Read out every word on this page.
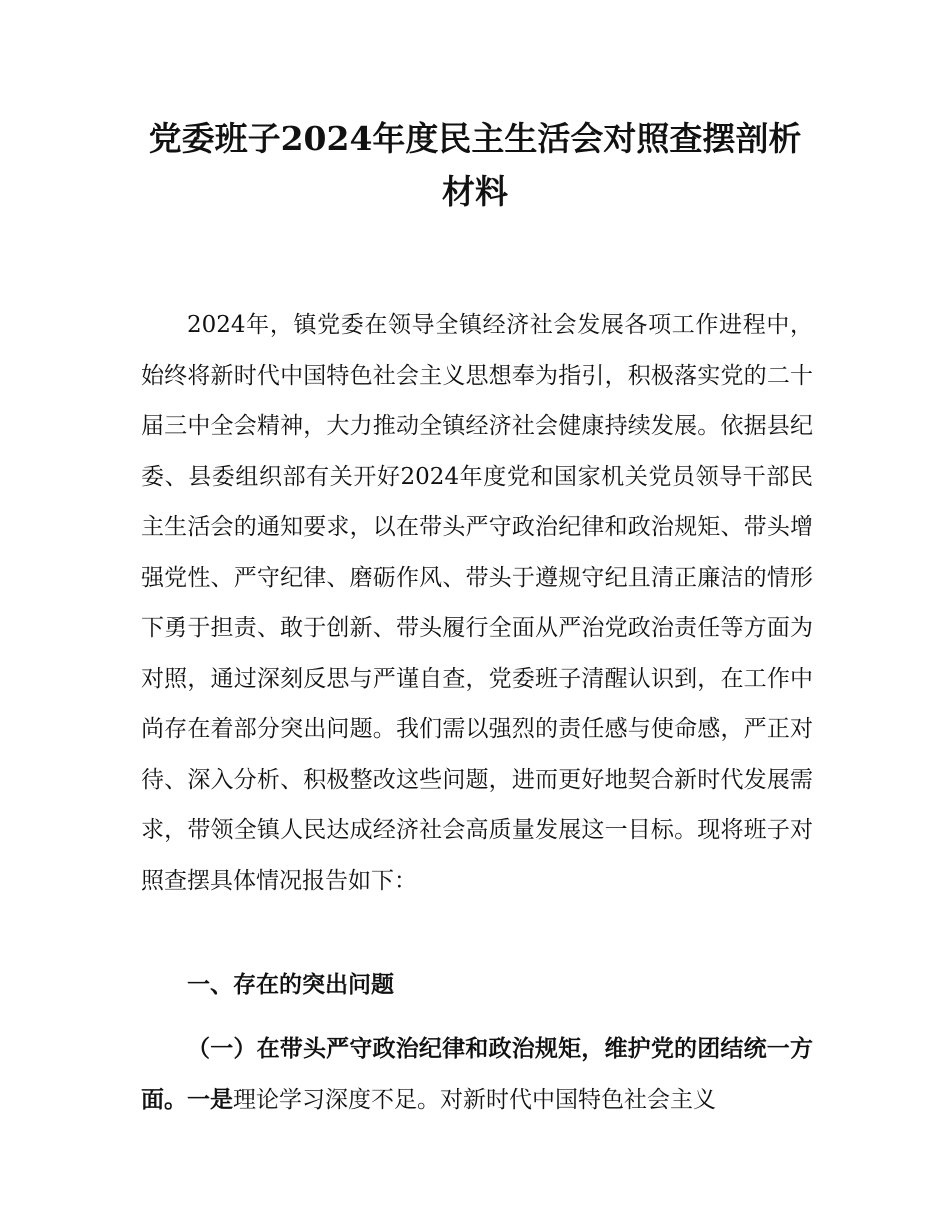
党委班子2024年度民主生活会对照查摆剖析
材料

2024年，镇党委在领导全镇经济社会发展各项工作进程中，始终将新时代中国特色社会主义思想奉为指引，积极落实党的二十届三中全会精神，大力推动全镇经济社会健康持续发展。依据县纪委、县委组织部有关开好2024年度党和国家机关党员领导干部民主生活会的通知要求，以在带头严守政治纪律和政治规矩、带头增强党性、严守纪律、磨砺作风、带头于遵规守纪且清正廉洁的情形下勇于担责、敢于创新、带头履行全面从严治党政治责任等方面为对照，通过深刻反思与严谨自查，党委班子清醒认识到，在工作中尚存在着部分突出问题。我们需以强烈的责任感与使命感，严正对待、深入分析、积极整改这些问题，进而更好地契合新时代发展需求，带领全镇人民达成经济社会高质量发展这一目标。现将班子对照查摆具体情况报告如下：

一、存在的突出问题

（一）在带头严守政治纪律和政治规矩，维护党的团结统一方面。一是理论学习深度不足。对新时代中国特色社会主义
